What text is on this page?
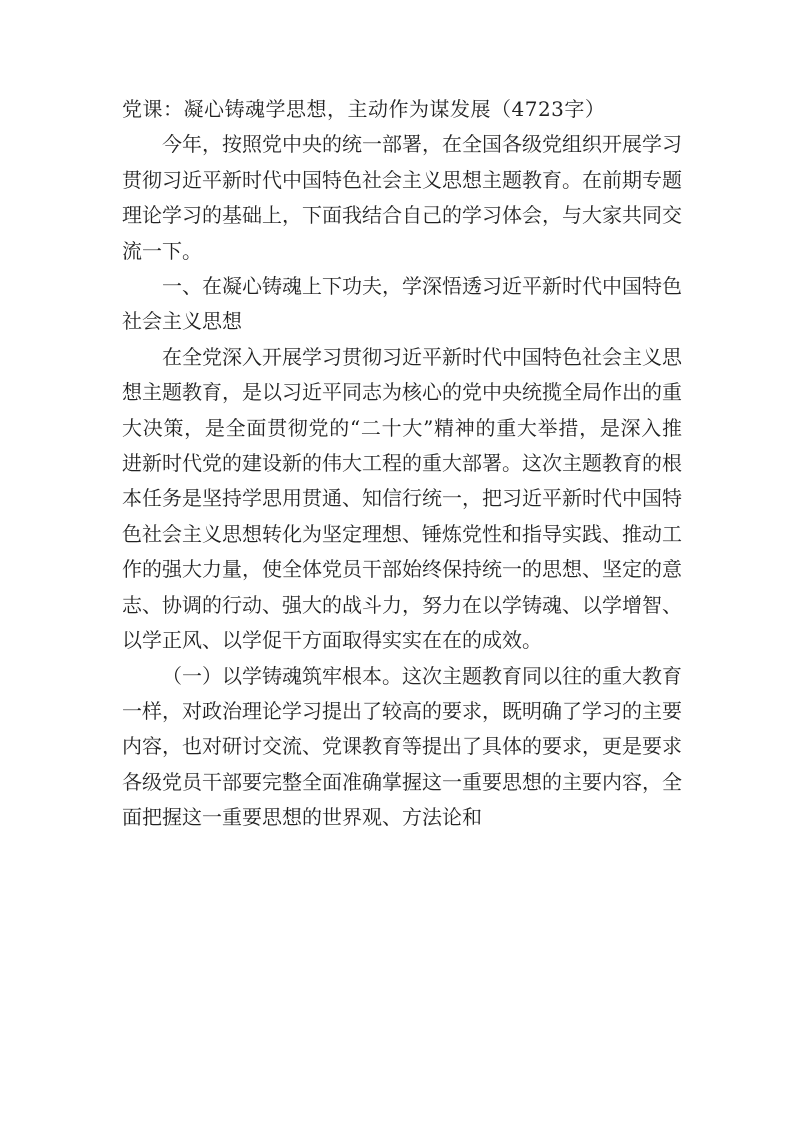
党课：凝心铸魂学思想，主动作为谋发展（4723字）

今年，按照党中央的统一部署，在全国各级党组织开展学习贯彻习近平新时代中国特色社会主义思想主题教育。在前期专题理论学习的基础上，下面我结合自己的学习体会，与大家共同交流一下。

一、在凝心铸魂上下功夫，学深悟透习近平新时代中国特色社会主义思想

在全党深入开展学习贯彻习近平新时代中国特色社会主义思想主题教育，是以习近平同志为核心的党中央统揽全局作出的重大决策，是全面贯彻党的“二十大”精神的重大举措，是深入推进新时代党的建设新的伟大工程的重大部署。这次主题教育的根本任务是坚持学思用贯通、知信行统一，把习近平新时代中国特色社会主义思想转化为坚定理想、锤炼党性和指导实践、推动工作的强大力量，使全体党员干部始终保持统一的思想、坚定的意志、协调的行动、强大的战斗力，努力在以学铸魂、以学增智、以学正风、以学促干方面取得实实在在的成效。

（一）以学铸魂筑牢根本。这次主题教育同以往的重大教育一样，对政治理论学习提出了较高的要求，既明确了学习的主要内容，也对研讨交流、党课教育等提出了具体的要求，更是要求各级党员干部要完整全面准确掌握这一重要思想的主要内容，全面把握这一重要思想的世界观、方法论和
